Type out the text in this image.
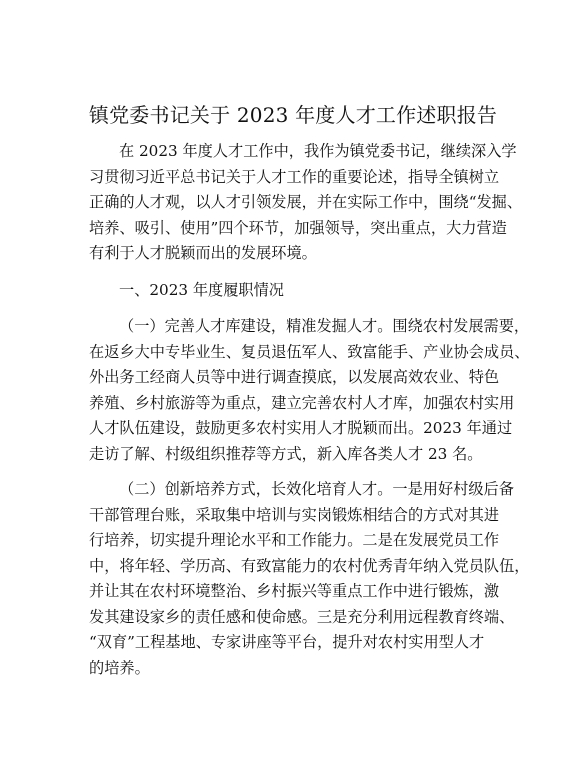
镇党委书记关于 2023 年度人才工作述职报告
在 2023 年度人才工作中，我作为镇党委书记，继续深入学
习贯彻习近平总书记关于人才工作的重要论述，指导全镇树立
正确的人才观，以人才引领发展，并在实际工作中，围绕“发掘、
培养、吸引、使用”四个环节，加强领导，突出重点，大力营造
有利于人才脱颖而出的发展环境。
一、2023 年度履职情况
（一）完善人才库建设，精准发掘人才。围绕农村发展需要，
在返乡大中专毕业生、复员退伍军人、致富能手、产业协会成员、
外出务工经商人员等中进行调查摸底，以发展高效农业、特色
养殖、乡村旅游等为重点，建立完善农村人才库，加强农村实用
人才队伍建设，鼓励更多农村实用人才脱颖而出。2023 年通过
走访了解、村级组织推荐等方式，新入库各类人才 23 名。
（二）创新培养方式，长效化培育人才。一是用好村级后备
干部管理台账，采取集中培训与实岗锻炼相结合的方式对其进
行培养，切实提升理论水平和工作能力。二是在发展党员工作
中，将年轻、学历高、有致富能力的农村优秀青年纳入党员队伍，
并让其在农村环境整治、乡村振兴等重点工作中进行锻炼，激
发其建设家乡的责任感和使命感。三是充分利用远程教育终端、
“双育”工程基地、专家讲座等平台，提升对农村实用型人才
的培养。
